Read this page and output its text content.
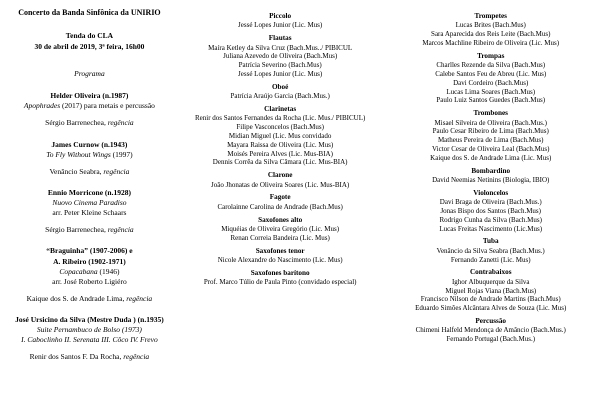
Concerto da Banda Sinfônica da UNIRIO
Tenda do CLA
30 de abril de 2019, 3ª feira, 16h00
Programa
Helder Oliveira (n.1987)
Apophrades (2017) para metais e percussão
Sérgio Barrenechea, regência
James Curnow (n.1943)
To Fly Without Wings (1997)
Venâncio Seabra, regência
Ennio Morricone (n.1928)
Nuovo Cinema Paradiso
arr. Peter Kleine Schaars
Sérgio Barrenechea, regência
“Braguinha” (1907-2006) e
A. Ribeiro (1902-1971)
Copacabana (1946)
arr. José Roberto Ligiéro
Kaique dos S. de Andrade Lima, regência
José Ursicino da Silva (Mestre Duda ) (n.1935)
Suite Pernambuco de Bolso (1973)
I. Caboclinho II. Serenata III. Côco IV. Frevo
Renir dos Santos F. Da Rocha, regência
Piccolo
Jessé Lopes Junior (Lic. Mus)
Flautas
Maíra Ketley da Silva Cruz (Bach.Mus../ PIBICUL
Juliana Azevedo de Oliveira (Bach.Mus)
Patrícia Severino (Bach.Mus)
Jessé Lopes Junior (Lic. Mus)
Oboé
Patrícia Araújo Garcia (Bach.Mus.)
Clarinetas
Renir dos Santos Fernandes da Rocha (Lic. Mus./ PIBICUL)
Filipe Vasconcelos (Bach.Mus)
Midian Miguel (Lic. Mus convidado
Mayara Raissa de Oliveira (Lic. Mus)
Moisés Pereira Alves (Lic. Mus-BIA)
Dennis Corrêa da Silva Câmara (Lic. Mus-BIA)
Clarone
João Jhonatas de Oliveira Soares (Lic. Mus-BIA)
Fagote
Carolainne Carolina de Andrade (Bach.Mus)
Saxofones alto
Miquéias de Oliveira Gregório (Lic. Mus)
Renan Correia Bandeira (Lic. Mus)
Saxofones tenor
Nicole Alexandre do Nascimento (Lic. Mus)
Saxofones barítono
Prof. Marco Túlio de Paula Pinto (convidado especial)
Trompetes
Lucas Brites (Bach.Mus)
Sara Aparecida dos Reis Leite (Bach.Mus)
Marcos Machline Ribeiro de Oliveira (Lic. Mus)
Trompas
Charlles Rezende da Silva (Bach.Mus)
Calebe Santos Feu de Abreu (Lic. Mus)
Davi Cordeiro (Bach.Mus)
Lucas Lima Soares (Bach.Mus)
Paulo Luiz Santos Guedes (Bach.Mus)
Trombones
Misael Silveira de Oliveira (Bach.Mus.)
Paulo Cesar Ribeiro de Lima (Bach.Mus)
Matheus Pereira de Lima (Bach.Mus)
Victor Cesar de Oliveira Leal (Bach.Mus)
Kaique dos S. de Andrade Lima (Lic. Mus)
Bombardino
David Neemias Netinins (Biologia, IBIO)
Violoncelos
Davi Braga de Oliveira (Bach.Mus.)
Jonas Bispo dos Santos (Bach.Mus)
Rodrigo Cunha da Silva (Bach.Mus)
Lucas Freitas Nascimento (Lic.Mus)
Tuba
Venâncio da Silva Seabra (Bach.Mus.)
Fernando Zanetti (Lic. Mus)
Contrabaixos
Ighor Albuquerque da Silva
Miguel Rojas Viana (Bach.Mus)
Francisco Nilson de Andrade Martins (Bach.Mus)
Eduardo Simões Alcântara Alves de Souza (Lic. Mus)
Percussão
Chimeni Halfeld Mendonça de Amâncio (Bach.Mus.)
Fernando Portugal (Bach.Mus.)
